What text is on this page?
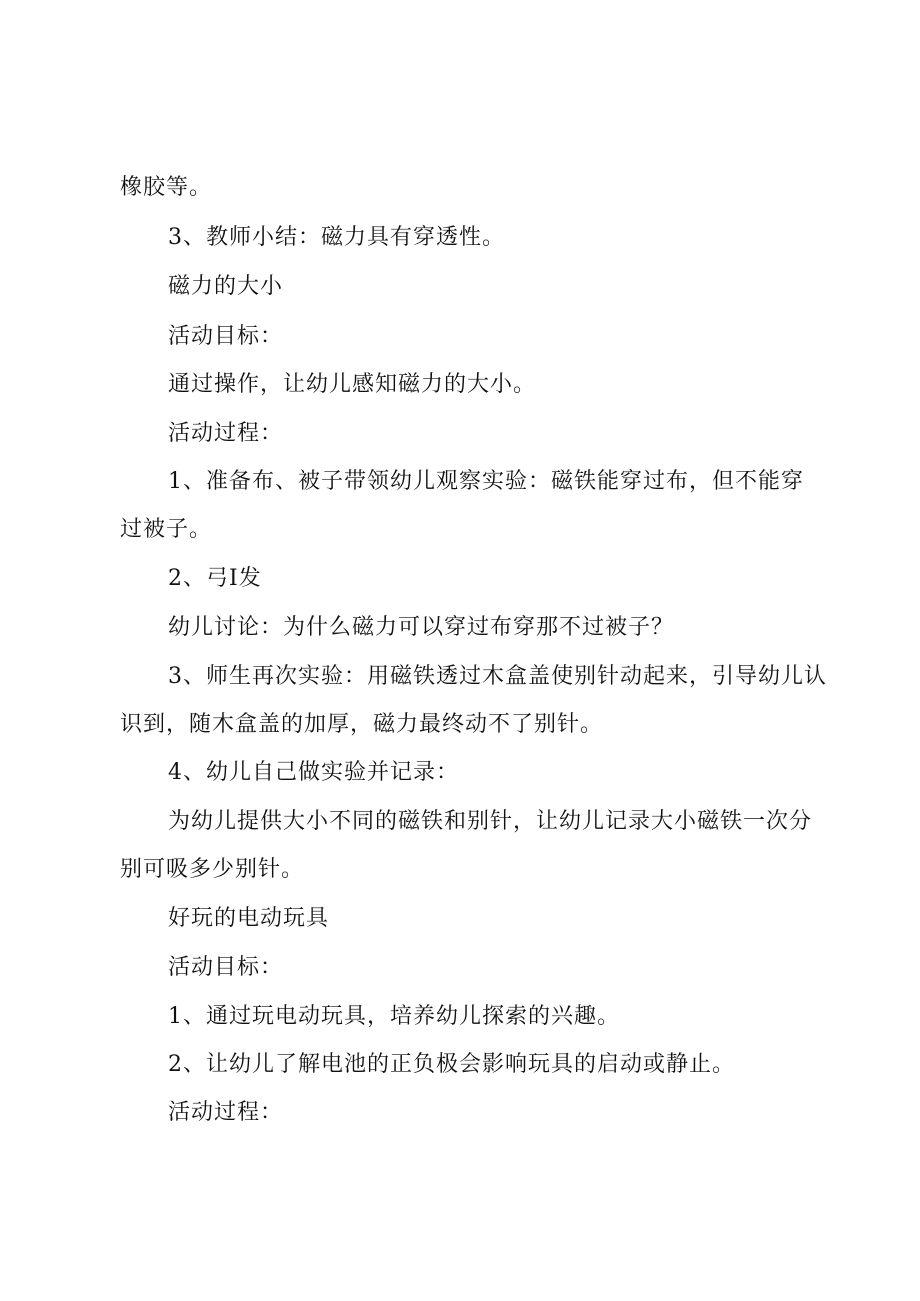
橡胶等。
3、教师小结：磁力具有穿透性。
磁力的大小
活动目标：
通过操作，让幼儿感知磁力的大小。
活动过程：
1、准备布、被子带领幼儿观察实验：磁铁能穿过布，但不能穿
过被子。
2、弓I发
幼儿讨论：为什么磁力可以穿过布穿那不过被子？
3、师生再次实验：用磁铁透过木盒盖使别针动起来，引导幼儿认
识到，随木盒盖的加厚，磁力最终动不了别针。
4、幼儿自己做实验并记录：
为幼儿提供大小不同的磁铁和别针，让幼儿记录大小磁铁一次分
别可吸多少别针。
好玩的电动玩具
活动目标：
1、通过玩电动玩具，培养幼儿探索的兴趣。
2、让幼儿了解电池的正负极会影响玩具的启动或静止。
活动过程：
